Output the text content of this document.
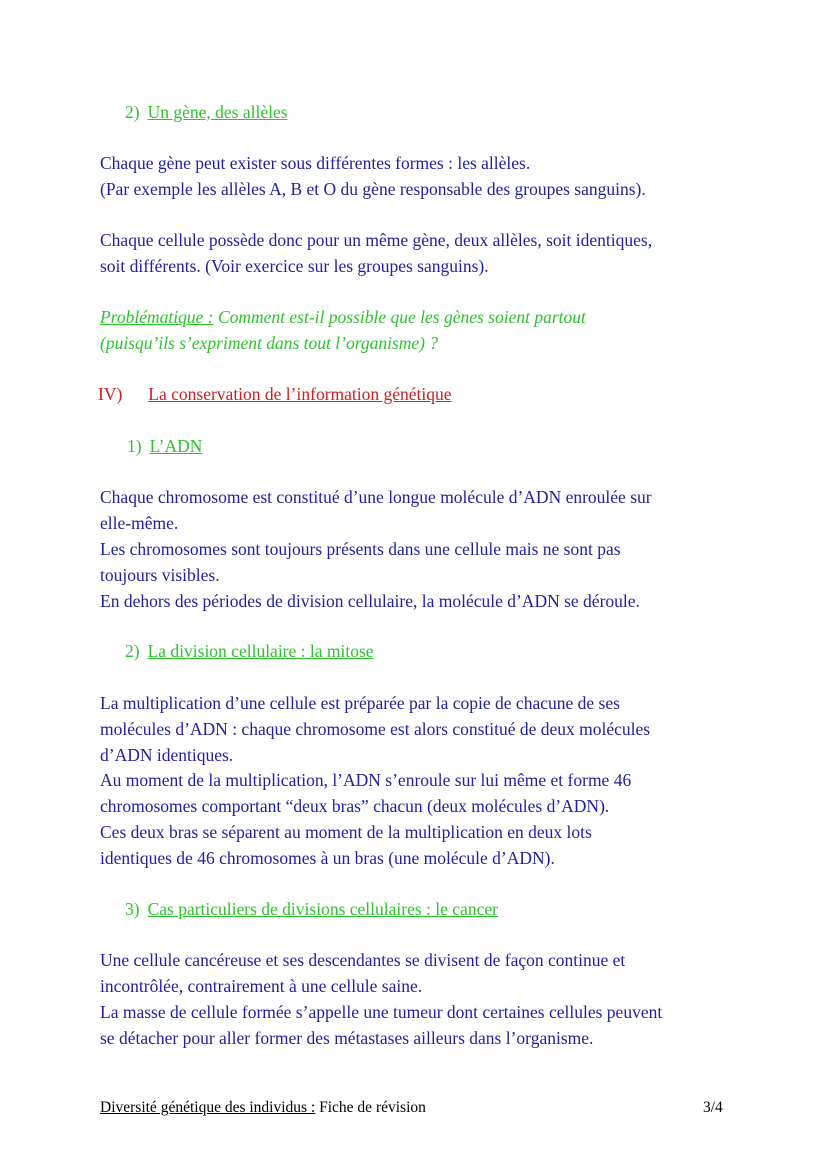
2) Un gène, des allèles
Chaque gène peut exister sous différentes formes : les allèles.
(Par exemple les allèles A, B et O du gène responsable des groupes sanguins).
Chaque cellule possède donc pour un même gène, deux allèles, soit identiques,
soit différents. (Voir exercice sur les groupes sanguins).
Problématique : Comment est-il possible que les gènes soient partout
(puisqu’ils s’expriment dans tout l’organisme) ?
IV) La conservation de l’information génétique
1) L’ADN
Chaque chromosome est constitué d’une longue molécule d’ADN enroulée sur
elle-même.
Les chromosomes sont toujours présents dans une cellule mais ne sont pas
toujours visibles.
En dehors des périodes de division cellulaire, la molécule d’ADN se déroule.
2) La division cellulaire : la mitose
La multiplication d’une cellule est préparée par la copie de chacune de ses
molécules d’ADN : chaque chromosome est alors constitué de deux molécules
d’ADN identiques.
Au moment de la multiplication, l’ADN s’enroule sur lui même et forme 46
chromosomes comportant “deux bras” chacun (deux molécules d’ADN).
Ces deux bras se séparent au moment de la multiplication en deux lots
identiques de 46 chromosomes à un bras (une molécule d’ADN).
3) Cas particuliers de divisions cellulaires : le cancer
Une cellule cancéreuse et ses descendantes se divisent de façon continue et
incontrôlée, contrairement à une cellule saine.
La masse de cellule formée s’appelle une tumeur dont certaines cellules peuvent
se détacher pour aller former des métastases ailleurs dans l’organisme.
Diversité génétique des individus : Fiche de révision	3/4
